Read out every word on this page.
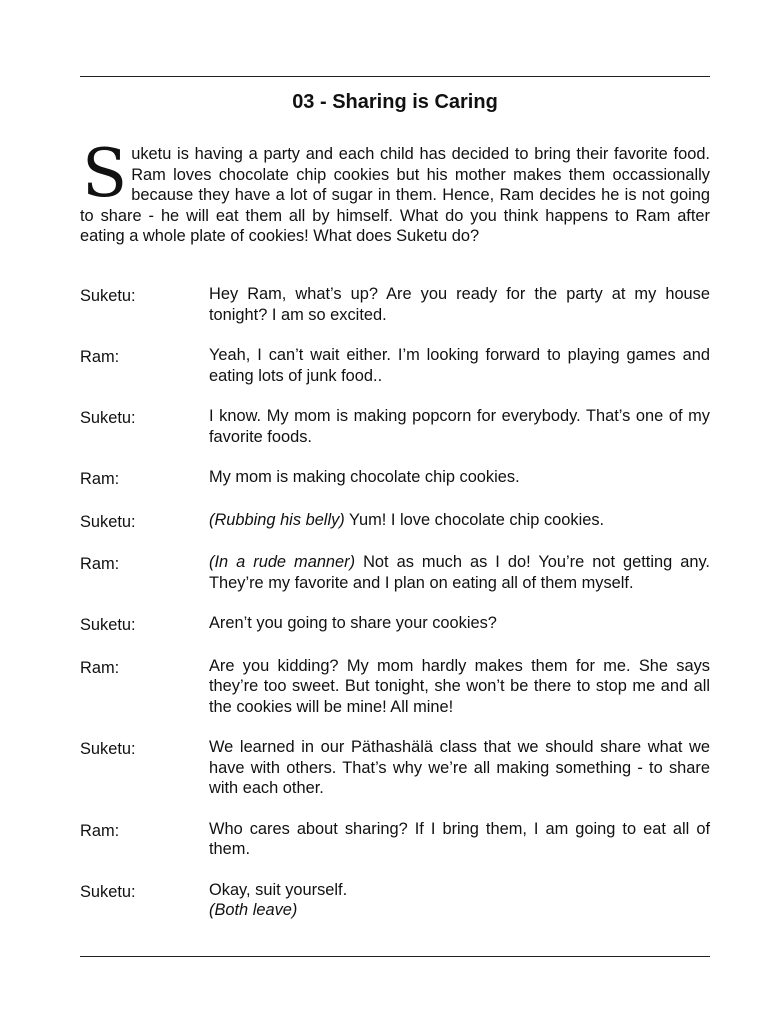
03 - Sharing is Caring
Suketu is having a party and each child has decided to bring their favorite food. Ram loves chocolate chip cookies but his mother makes them occassionally because they have a lot of sugar in them. Hence, Ram decides he is not going to share - he will eat them all by himself. What do you think happens to Ram after eating a whole plate of cookies! What does Suketu do?
Suketu:	Hey Ram, what’s up? Are you ready for the party at my house tonight? I am so excited.
Ram:	Yeah, I can’t wait either. I’m looking forward to playing games and eating lots of junk food..
Suketu:	I know. My mom is making popcorn for everybody. That’s one of my favorite foods.
Ram:	My mom is making chocolate chip cookies.
Suketu:	(Rubbing his belly) Yum! I love chocolate chip cookies.
Ram:	(In a rude manner) Not as much as I do! You’re not getting any. They’re my favorite and I plan on eating all of them myself.
Suketu:	Aren’t you going to share your cookies?
Ram:	Are you kidding? My mom hardly makes them for me. She says they’re too sweet. But tonight, she won’t be there to stop me and all the cookies will be mine! All mine!
Suketu:	We learned in our Päthashälä class that we should share what we have with others. That’s why we’re all making something - to share with each other.
Ram:	Who cares about sharing? If I bring them, I am going to eat all of them.
Suketu:	Okay, suit yourself.
(Both leave)
